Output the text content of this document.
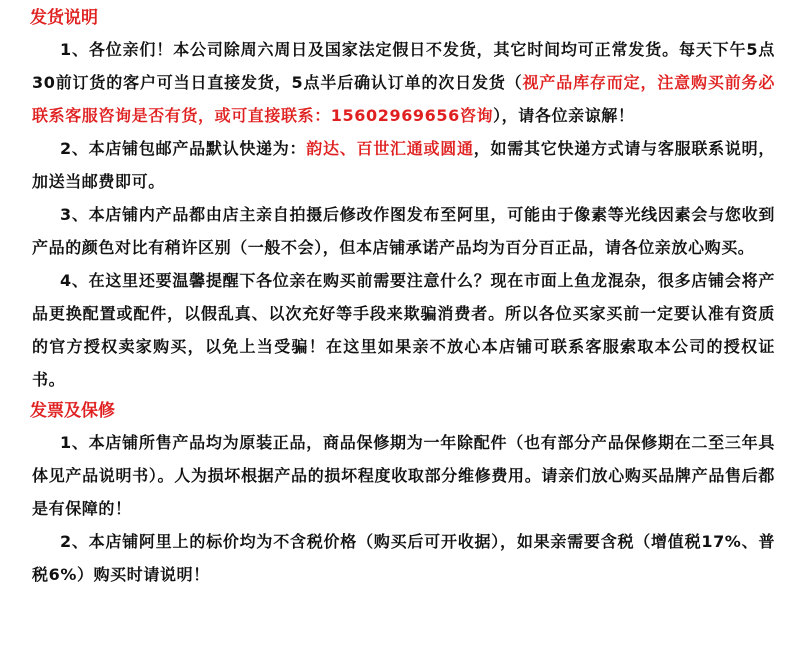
发货说明

1、各位亲们！本公司除周六周日及国家法定假日不发货，其它时间均可正常发货。每天下午5点30前订货的客户可当日直接发货，5点半后确认订单的次日发货（视产品库存而定，注意购买前务必联系客服咨询是否有货，或可直接联系：15602969656咨询），请各位亲谅解！

2、本店铺包邮产品默认快递为：韵达、百世汇通或圆通，如需其它快递方式请与客服联系说明，加送当邮费即可。

3、本店铺内产品都由店主亲自拍摄后修改作图发布至阿里，可能由于像素等光线因素会与您收到产品的颜色对比有稍许区别（一般不会），但本店铺承诺产品均为百分百正品，请各位亲放心购买。

4、在这里还要温馨提醒下各位亲在购买前需要注意什么？现在市面上鱼龙混杂，很多店铺会将产品更换配置或配件，以假乱真、以次充好等手段来欺骗消费者。所以各位买家买前一定要认准有资质的官方授权卖家购买，以免上当受骗！在这里如果亲不放心本店铺可联系客服索取本公司的授权证书。

发票及保修

1、本店铺所售产品均为原装正品，商品保修期为一年除配件（也有部分产品保修期在二至三年具体见产品说明书）。人为损坏根据产品的损坏程度收取部分维修费用。请亲们放心购买品牌产品售后都是有保障的！

2、本店铺阿里上的标价均为不含税价格（购买后可开收据），如果亲需要含税（增值税17%、普税6%）购买时请说明！
